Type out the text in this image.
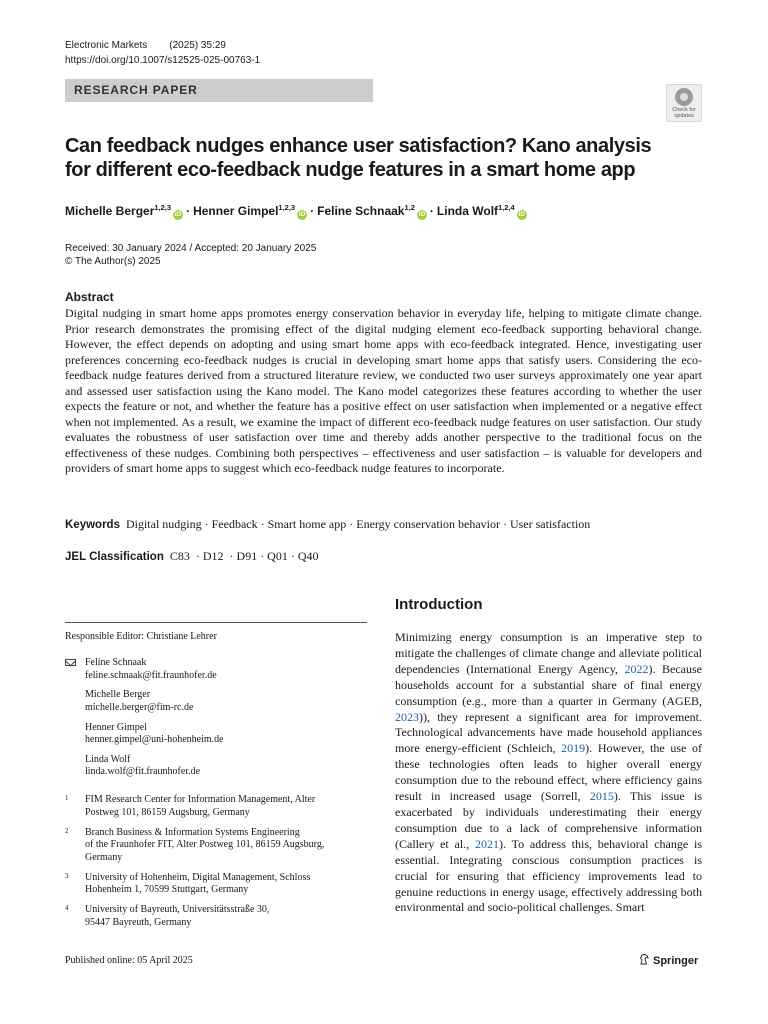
Electronic Markets (2025) 35:29
https://doi.org/10.1007/s12525-025-00763-1
RESEARCH PAPER
Check for
updates
Can feedback nudges enhance user satisfaction? Kano analysis
for different eco-feedback nudge features in a smart home app
Michelle Berger$^{1,2,3}$iD · Henner Gimpel$^{1,2,3}$iD · Feline Schnaak$^{1,2}$iD · Linda Wolf$^{1,2,4}$iD
Received: 30 January 2024 / Accepted: 20 January 2025
© The Author(s) 2025
Abstract
Digital nudging in smart home apps promotes energy conservation behavior in everyday life, helping to mitigate climate change. Prior research demonstrates the promising effect of the digital nudging element eco-feedback supporting behavioral change. However, the effect depends on adopting and using smart home apps with eco-feedback integrated. Hence, investigating user preferences concerning eco-feedback nudges is crucial in developing smart home apps that satisfy users. Considering the eco-feedback nudge features derived from a structured literature review, we conducted two user surveys approximately one year apart and assessed user satisfaction using the Kano model. The Kano model categorizes these features according to whether the user expects the feature or not, and whether the feature has a positive effect on user satisfaction when implemented or a negative effect when not implemented. As a result, we examine the impact of different eco-feedback nudge features on user satisfaction. Our study evaluates the robustness of user satisfaction over time and thereby adds another perspective to the traditional focus on the effectiveness of these nudges. Combining both perspectives – effectiveness and user satisfaction – is valuable for developers and providers of smart home apps to suggest which eco-feedback nudge features to incorporate.
Keywords Digital nudging · Feedback · Smart home app · Energy conservation behavior · User satisfaction
JEL Classification C83  · D12  · D91 · Q01 · Q40
Introduction
Minimizing energy consumption is an imperative step to mitigate the challenges of climate change and alleviate political dependencies (International Energy Agency, 2022). Because households account for a substantial share of final energy consumption (e.g., more than a quarter in Germany (AGEB, 2023)), they represent a significant area for improvement. Technological advancements have made household appliances more energy-efficient (Schleich, 2019). However, the use of these technologies often leads to higher overall energy consumption due to the rebound effect, where efficiency gains result in increased usage (Sorrell, 2015). This issue is exacerbated by individuals underestimating their energy consumption due to a lack of comprehensive information (Callery et al., 2021). To address this, behavioral change is essential. Integrating conscious consumption practices is crucial for ensuring that efficiency improvements lead to genuine reductions in energy usage, effectively addressing both environmental and socio-political challenges. Smart
Responsible Editor: Christiane Lehrer
Feline Schnaak
feline.schnaak@fit.fraunhofer.de
Michelle Berger
michelle.berger@fim-rc.de
Henner Gimpel
henner.gimpel@uni-hohenheim.de
Linda Wolf
linda.wolf@fit.fraunhofer.de
1 FIM Research Center for Information Management, Alter
Postweg 101, 86159 Augsburg, Germany
2 Branch Business & Information Systems Engineering
of the Fraunhofer FIT, Alter Postweg 101, 86159 Augsburg,
Germany
3 University of Hohenheim, Digital Management, Schloss
Hohenheim 1, 70599 Stuttgart, Germany
4 University of Bayreuth, Universitätsstraße 30,
95447 Bayreuth, Germany
Published online: 05 April 2025	Springer
